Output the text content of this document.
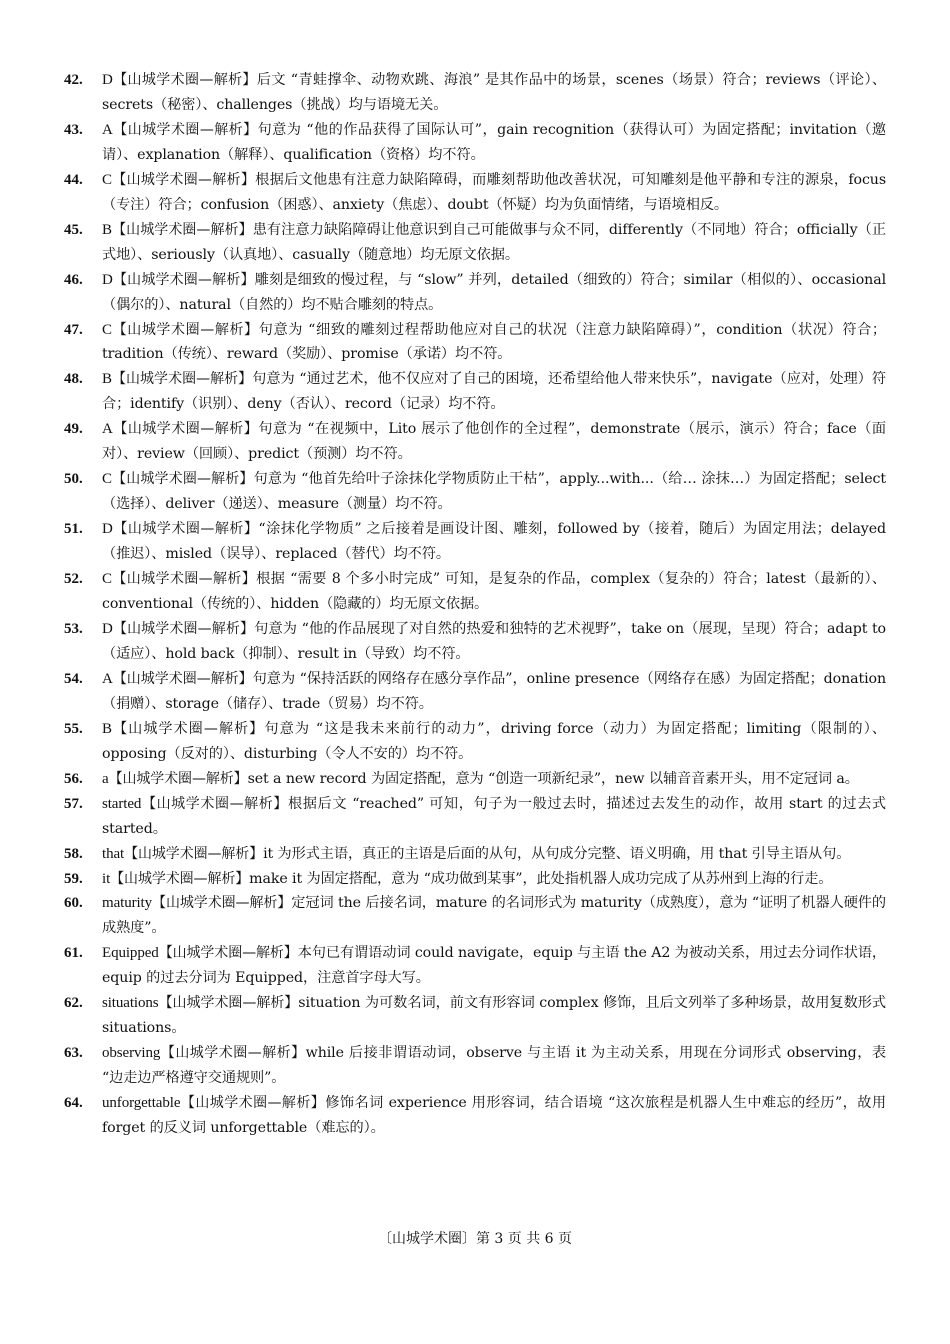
42.	D【山城学术圈—解析】后文 “青蛙撑伞、动物欢跳、海浪” 是其作品中的场景，scenes（场景）符合；reviews（评论）、secrets（秘密）、challenges（挑战）均与语境无关。
43.	A【山城学术圈—解析】句意为 “他的作品获得了国际认可”，gain recognition（获得认可）为固定搭配；invitation（邀请）、explanation（解释）、qualification（资格）均不符。
44.	C【山城学术圈—解析】根据后文他患有注意力缺陷障碍，而雕刻帮助他改善状况，可知雕刻是他平静和专注的源泉，focus（专注）符合；confusion（困惑）、anxiety（焦虑）、doubt（怀疑）均为负面情绪，与语境相反。
45.	B【山城学术圈—解析】患有注意力缺陷障碍让他意识到自己可能做事与众不同，differently（不同地）符合；officially（正式地）、seriously（认真地）、casually（随意地）均无原文依据。
46.	D【山城学术圈—解析】雕刻是细致的慢过程，与 “slow” 并列，detailed（细致的）符合；similar（相似的）、occasional（偶尔的）、natural（自然的）均不贴合雕刻的特点。
47.	C【山城学术圈—解析】句意为 “细致的雕刻过程帮助他应对自己的状况（注意力缺陷障碍）”，condition（状况）符合；tradition（传统）、reward（奖励）、promise（承诺）均不符。
48.	B【山城学术圈—解析】句意为 “通过艺术，他不仅应对了自己的困境，还希望给他人带来快乐”，navigate（应对，处理）符合；identify（识别）、deny（否认）、record（记录）均不符。
49.	A【山城学术圈—解析】句意为 “在视频中，Lito 展示了他创作的全过程”，demonstrate（展示，演示）符合；face（面对）、review（回顾）、predict（预测）均不符。
50.	C【山城学术圈—解析】句意为 “他首先给叶子涂抹化学物质防止干枯”，apply...with...（给… 涂抹…）为固定搭配；select（选择）、deliver（递送）、measure（测量）均不符。
51.	D【山城学术圈—解析】“涂抹化学物质” 之后接着是画设计图、雕刻，followed by（接着，随后）为固定用法；delayed（推迟）、misled（误导）、replaced（替代）均不符。
52.	C【山城学术圈—解析】根据 “需要 8 个多小时完成” 可知，是复杂的作品，complex（复杂的）符合；latest（最新的）、conventional（传统的）、hidden（隐藏的）均无原文依据。
53.	D【山城学术圈—解析】句意为 “他的作品展现了对自然的热爱和独特的艺术视野”，take on（展现，呈现）符合；adapt to（适应）、hold back（抑制）、result in（导致）均不符。
54.	A【山城学术圈—解析】句意为 “保持活跃的网络存在感分享作品”，online presence（网络存在感）为固定搭配；donation（捐赠）、storage（储存）、trade（贸易）均不符。
55.	B【山城学术圈—解析】句意为 “这是我未来前行的动力”，driving force（动力）为固定搭配；limiting（限制的）、opposing（反对的）、disturbing（令人不安的）均不符。
56.	a【山城学术圈—解析】set a new record 为固定搭配，意为 “创造一项新纪录”，new 以辅音音素开头，用不定冠词 a。
57.	started【山城学术圈—解析】根据后文 “reached” 可知，句子为一般过去时，描述过去发生的动作，故用 start 的过去式 started。
58.	that【山城学术圈—解析】it 为形式主语，真正的主语是后面的从句，从句成分完整、语义明确，用 that 引导主语从句。
59.	it【山城学术圈—解析】make it 为固定搭配，意为 “成功做到某事”，此处指机器人成功完成了从苏州到上海的行走。
60.	maturity【山城学术圈—解析】定冠词 the 后接名词，mature 的名词形式为 maturity（成熟度），意为 “证明了机器人硬件的成熟度”。
61.	Equipped【山城学术圈—解析】本句已有谓语动词 could navigate，equip 与主语 the A2 为被动关系，用过去分词作状语，equip 的过去分词为 Equipped，注意首字母大写。
62.	situations【山城学术圈—解析】situation 为可数名词，前文有形容词 complex 修饰，且后文列举了多种场景，故用复数形式 situations。
63.	observing【山城学术圈—解析】while 后接非谓语动词，observe 与主语 it 为主动关系，用现在分词形式 observing，表 “边走边严格遵守交通规则”。
64.	unforgettable【山城学术圈—解析】修饰名词 experience 用形容词，结合语境 “这次旅程是机器人生中难忘的经历”，故用 forget 的反义词 unforgettable（难忘的）。
〔山城学术圈〕第 3 页 共 6 页
